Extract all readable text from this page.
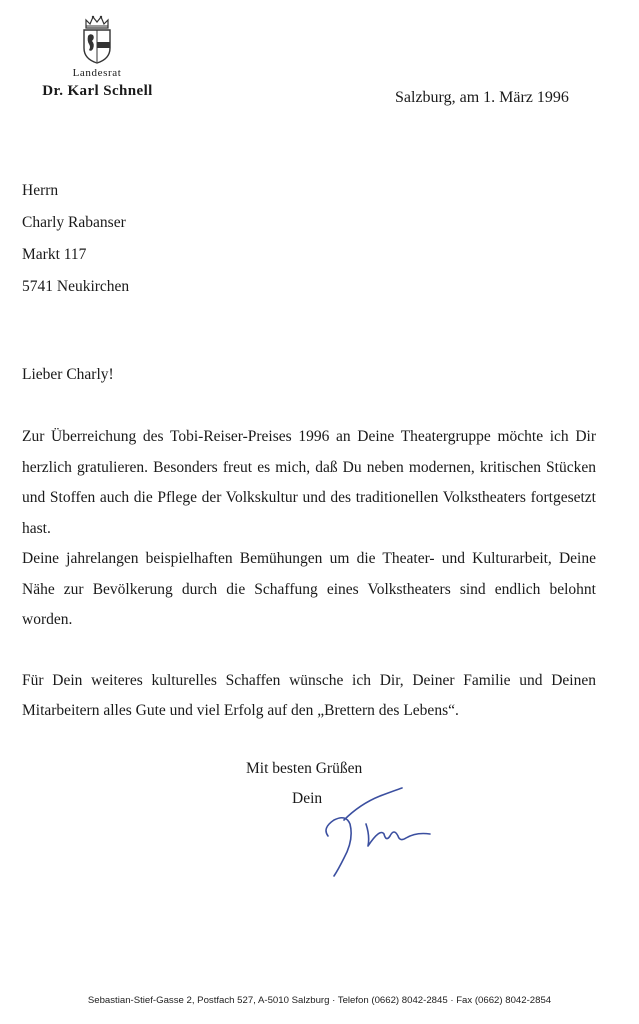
Landesrat
Dr. Karl Schnell	Salzburg, am 1. März 1996
Herrn
Charly Rabanser
Markt 117
5741 Neukirchen
Lieber Charly!

Zur Überreichung des Tobi-Reiser-Preises 1996 an Deine Theatergruppe möchte ich Dir herzlich gratulieren. Besonders freut es mich, daß Du neben modernen, kritischen Stücken und Stoffen auch die Pflege der Volkskultur und des traditionellen Volkstheaters fortgesetzt hast.

Deine jahrelangen beispielhaften Bemühungen um die Theater- und Kulturarbeit, Deine Nähe zur Bevölkerung durch die Schaffung eines Volkstheaters sind endlich belohnt worden.

Für Dein weiteres kulturelles Schaffen wünsche ich Dir, Deiner Familie und Deinen Mitarbeitern alles Gute und viel Erfolg auf den „Brettern des Lebens“.

Mit besten Grüßen
Dein
Sebastian-Stief-Gasse 2, Postfach 527, A-5010 Salzburg · Telefon (0662) 8042-2845 · Fax (0662) 8042-2854
